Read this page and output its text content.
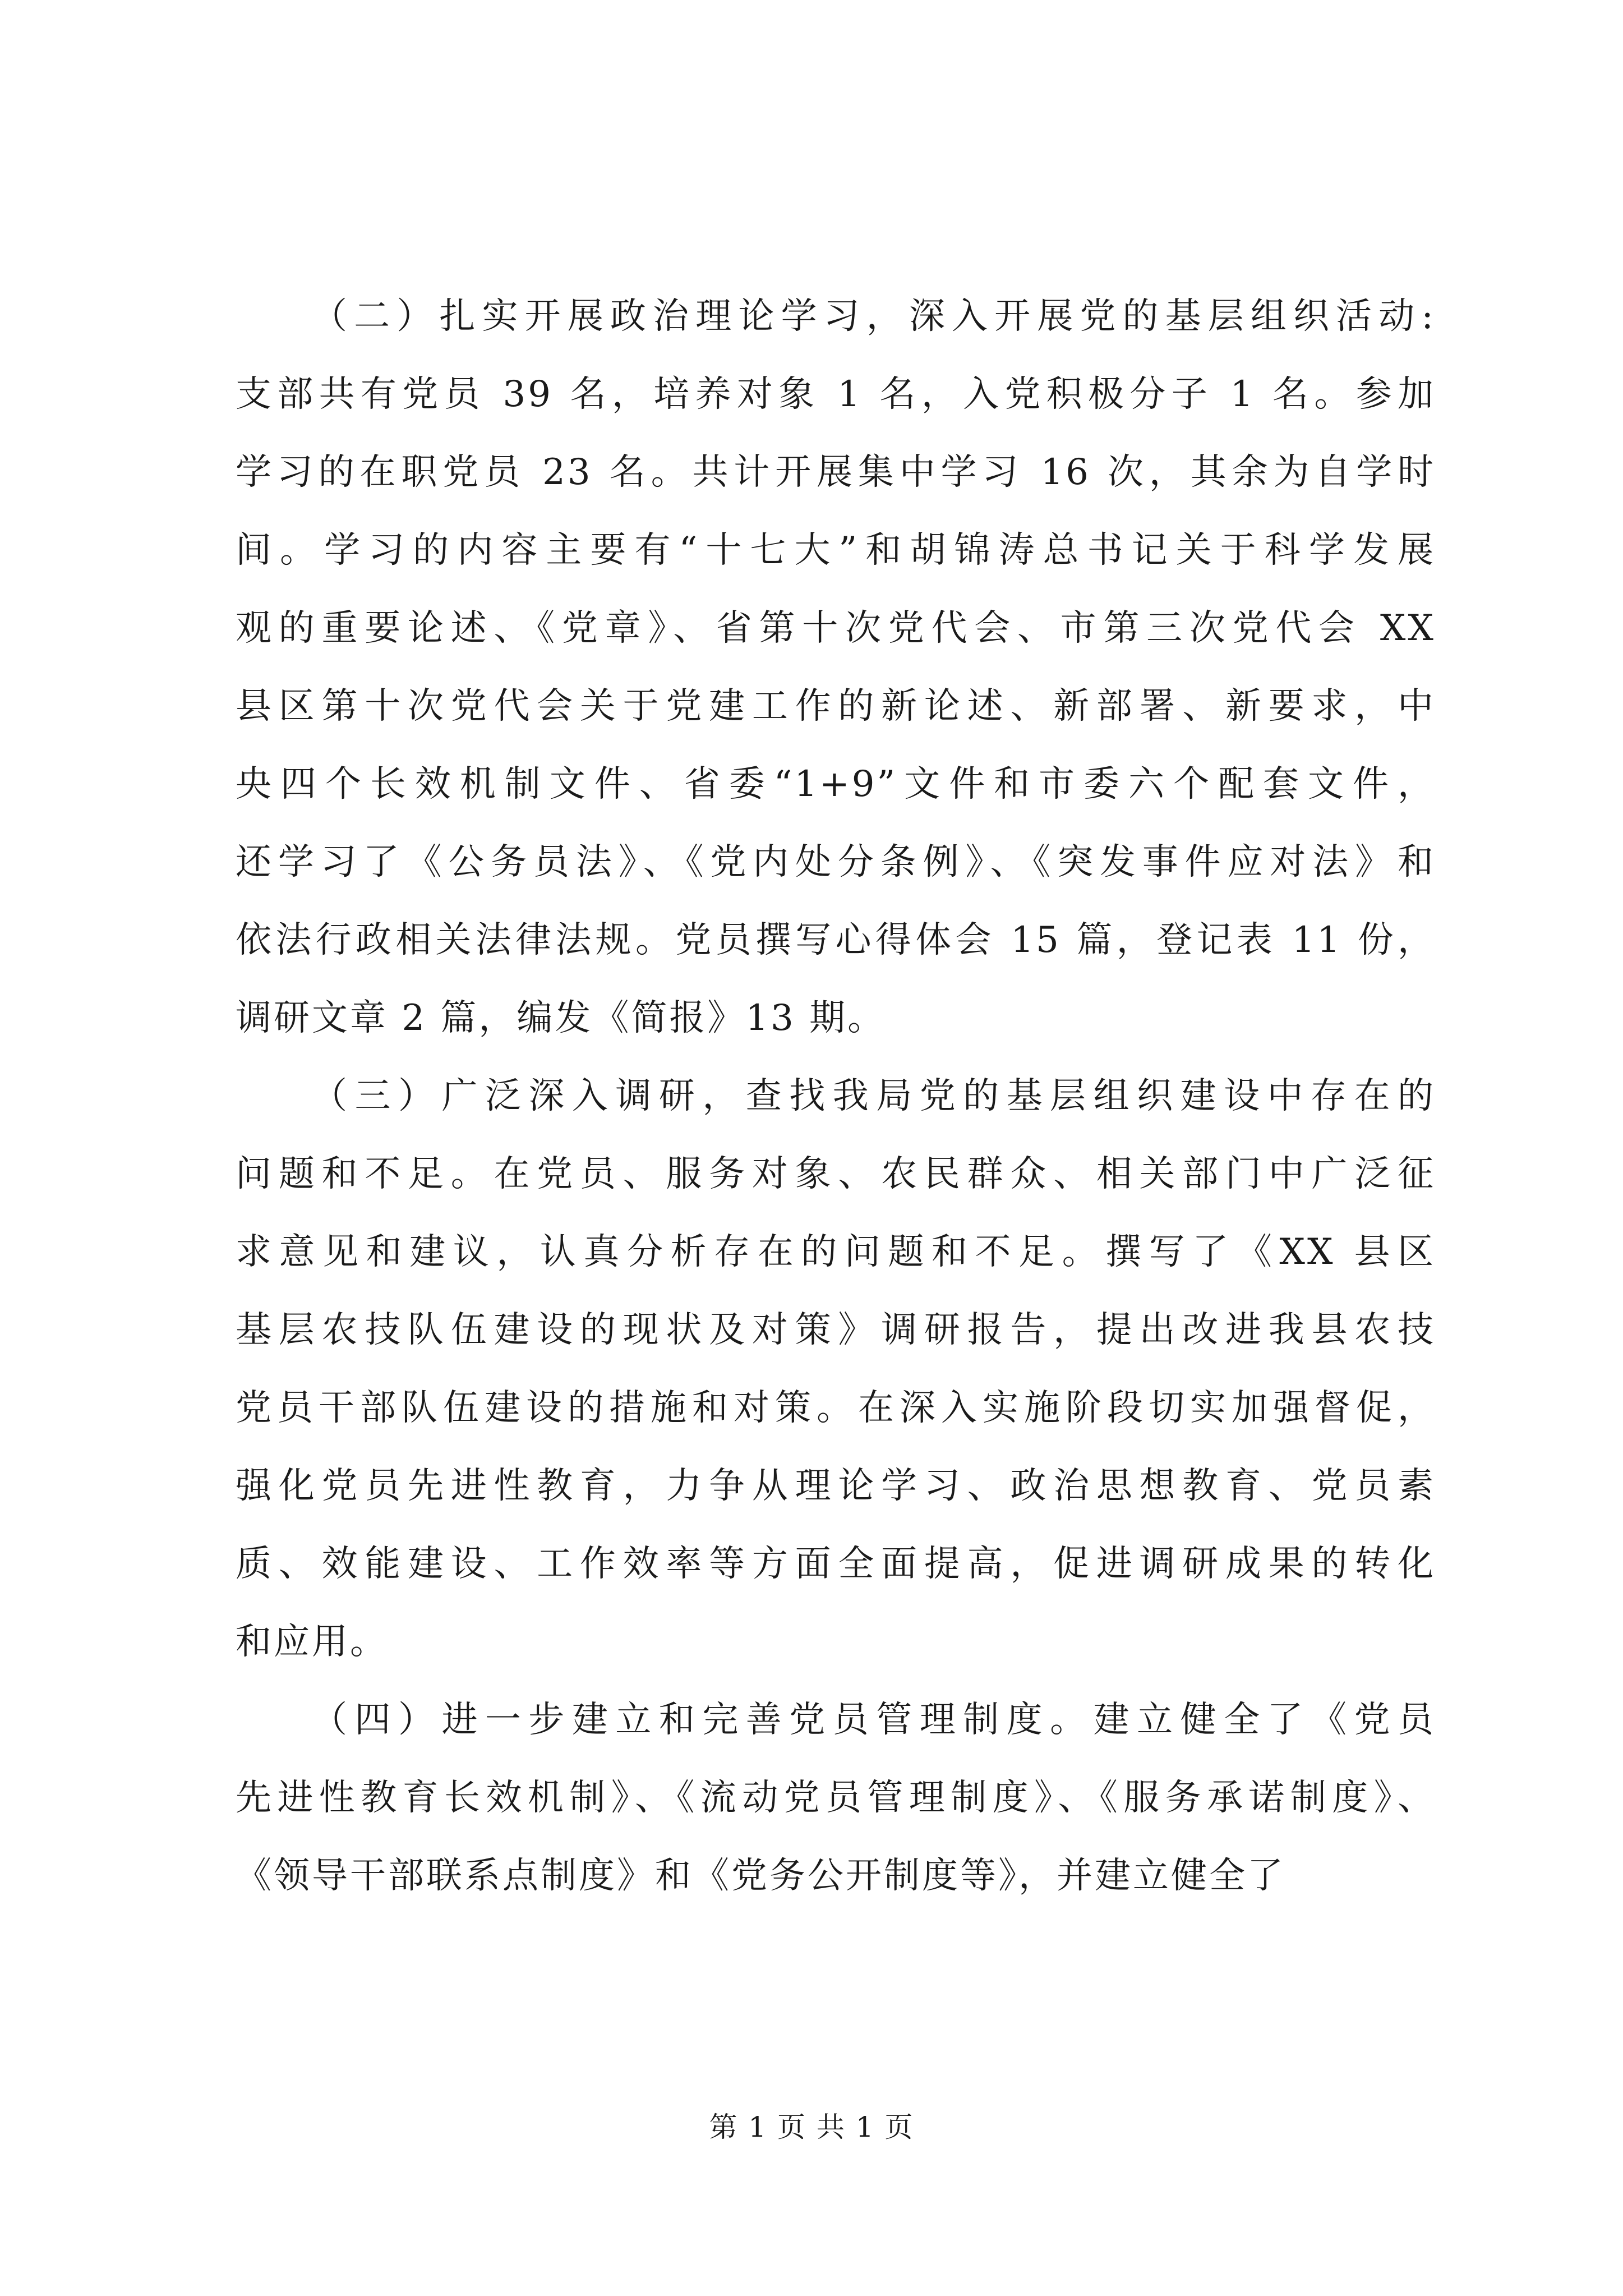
（二）扎实开展政治理论学习，深入开展党的基层组织活动:
支部共有党员 39 名，培养对象 1 名，入党积极分子 1 名。参加
学习的在职党员 23 名。共计开展集中学习 16 次，其余为自学时
间。学习的内容主要有“十七大”和胡锦涛总书记关于科学发展
观的重要论述、《党章》、省第十次党代会、市第三次党代会 XX
县区第十次党代会关于党建工作的新论述、新部署、新要求，中
央四个长效机制文件、省委“1+9”文件和市委六个配套文件，
还学习了《公务员法》、《党内处分条例》、《突发事件应对法》和
依法行政相关法律法规。党员撰写心得体会 15 篇，登记表 11 份，
调研文章 2 篇，编发《简报》13 期。
（三）广泛深入调研，查找我局党的基层组织建设中存在的
问题和不足。在党员、服务对象、农民群众、相关部门中广泛征
求意见和建议，认真分析存在的问题和不足。撰写了《XX 县区
基层农技队伍建设的现状及对策》调研报告，提出改进我县农技
党员干部队伍建设的措施和对策。在深入实施阶段切实加强督促，
强化党员先进性教育，力争从理论学习、政治思想教育、党员素
质、效能建设、工作效率等方面全面提高，促进调研成果的转化
和应用。
（四）进一步建立和完善党员管理制度。建立健全了《党员
先进性教育长效机制》、《流动党员管理制度》、《服务承诺制度》、
《领导干部联系点制度》和《党务公开制度等》，并建立健全了
第 1 页 共 1 页
